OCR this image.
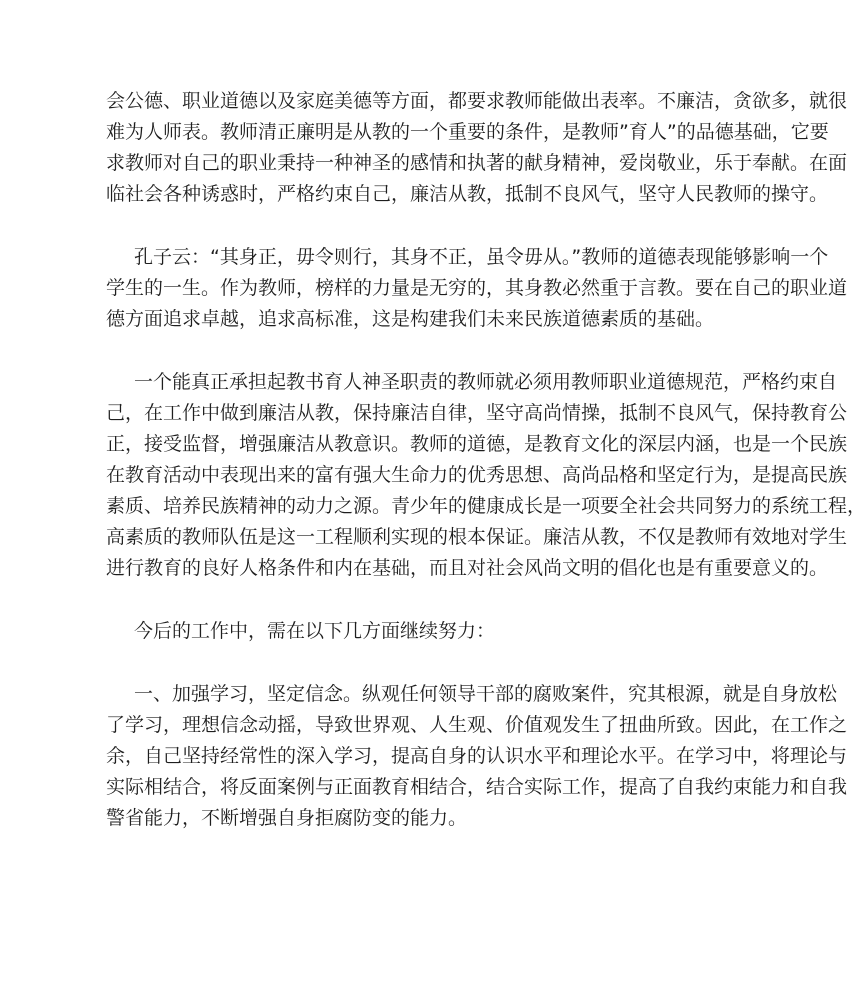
会公德、职业道德以及家庭美德等方面，都要求教师能做出表率。不廉洁，贪欲多，就很
难为人师表。教师清正廉明是从教的一个重要的条件，是教师”育人”的品德基础，它要
求教师对自己的职业秉持一种神圣的感情和执著的献身精神，爱岗敬业，乐于奉献。在面
临社会各种诱惑时，严格约束自己，廉洁从教，抵制不良风气，坚守人民教师的操守。
孔子云：“其身正，毋令则行，其身不正，虽令毋从。”教师的道德表现能够影响一个
学生的一生。作为教师，榜样的力量是无穷的，其身教必然重于言教。要在自己的职业道
德方面追求卓越，追求高标准，这是构建我们未来民族道德素质的基础。
一个能真正承担起教书育人神圣职责的教师就必须用教师职业道德规范，严格约束自
己，在工作中做到廉洁从教，保持廉洁自律，坚守高尚情操，抵制不良风气，保持教育公
正，接受监督，增强廉洁从教意识。教师的道德，是教育文化的深层内涵，也是一个民族
在教育活动中表现出来的富有强大生命力的优秀思想、高尚品格和坚定行为，是提高民族
素质、培养民族精神的动力之源。青少年的健康成长是一项要全社会共同努力的系统工程，
高素质的教师队伍是这一工程顺利实现的根本保证。廉洁从教，不仅是教师有效地对学生
进行教育的良好人格条件和内在基础，而且对社会风尚文明的倡化也是有重要意义的。
今后的工作中，需在以下几方面继续努力：
一、加强学习，坚定信念。纵观任何领导干部的腐败案件，究其根源，就是自身放松
了学习，理想信念动摇，导致世界观、人生观、价值观发生了扭曲所致。因此，在工作之
余，自己坚持经常性的深入学习，提高自身的认识水平和理论水平。在学习中，将理论与
实际相结合，将反面案例与正面教育相结合，结合实际工作，提高了自我约束能力和自我
警省能力，不断增强自身拒腐防变的能力。
